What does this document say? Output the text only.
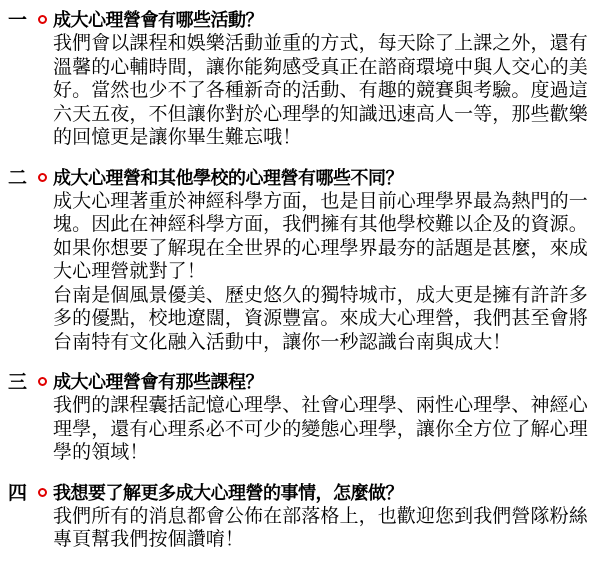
一	成大心理營會有哪些活動？

我們會以課程和娛樂活動並重的方式，每天除了上課之外，還有溫馨的心輔時間，讓你能夠感受真正在諮商環境中與人交心的美好。當然也少不了各種新奇的活動、有趣的競賽與考驗。度過這六天五夜，不但讓你對於心理學的知識迅速高人一等，那些歡樂的回憶更是讓你畢生難忘哦！

二	成大心理營和其他學校的心理營有哪些不同？

成大心理著重於神經科學方面，也是目前心理學界最為熱門的一塊。因此在神經科學方面，我們擁有其他學校難以企及的資源。如果你想要了解現在全世界的心理學界最夯的話題是甚麼，來成大心理營就對了！

台南是個風景優美、歷史悠久的獨特城市，成大更是擁有許許多多的優點，校地遼闊，資源豐富。來成大心理營，我們甚至會將台南特有文化融入活動中，讓你一秒認識台南與成大！

三	成大心理營會有那些課程？

我們的課程囊括記憶心理學、社會心理學、兩性心理學、神經心理學，還有心理系必不可少的變態心理學，讓你全方位了解心理學的領域！

四	我想要了解更多成大心理營的事情，怎麼做？

我們所有的消息都會公佈在部落格上，也歡迎您到我們營隊粉絲專頁幫我們按個讚唷！
